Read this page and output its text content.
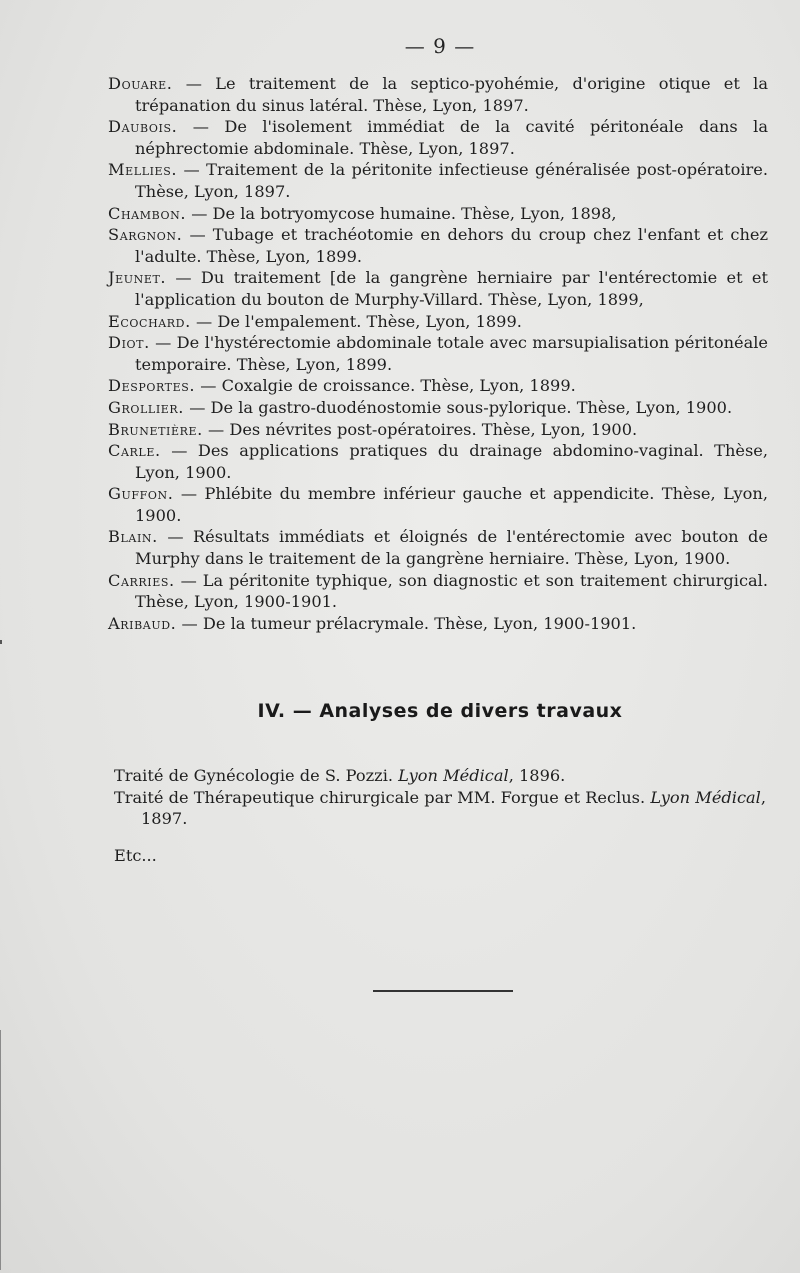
— 9 —
Douare. — Le traitement de la septico-pyohémie, d'origine otique et la trépanation du sinus latéral. Thèse, Lyon, 1897.
Daubois. — De l'isolement immédiat de la cavité péritonéale dans la néphrectomie abdominale. Thèse, Lyon, 1897.
Mellies. — Traitement de la péritonite infectieuse généralisée post-opératoire. Thèse, Lyon, 1897.
Chambon. — De la botryomycose humaine. Thèse, Lyon, 1898,
Sargnon. — Tubage et trachéotomie en dehors du croup chez l'enfant et chez l'adulte. Thèse, Lyon, 1899.
Jeunet. — Du traitement [de la gangrène herniaire par l'entérectomie et et l'application du bouton de Murphy-Villard. Thèse, Lyon, 1899,
Ecochard. — De l'empalement. Thèse, Lyon, 1899.
Diot. — De l'hystérectomie abdominale totale avec marsupialisation péritonéale temporaire. Thèse, Lyon, 1899.
Desportes. — Coxalgie de croissance. Thèse, Lyon, 1899.
Grollier. — De la gastro-duodénostomie sous-pylorique. Thèse, Lyon, 1900.
Brunetière. — Des névrites post-opératoires. Thèse, Lyon, 1900.
Carle. — Des applications pratiques du drainage abdomino-vaginal. Thèse, Lyon, 1900.
Guffon. — Phlébite du membre inférieur gauche et appendicite. Thèse, Lyon, 1900.
Blain. — Résultats immédiats et éloignés de l'entérectomie avec bouton de Murphy dans le traitement de la gangrène herniaire. Thèse, Lyon, 1900.
Carries. — La péritonite typhique, son diagnostic et son traitement chirurgical. Thèse, Lyon, 1900-1901.
Aribaud. — De la tumeur prélacrymale. Thèse, Lyon, 1900-1901.
IV. — Analyses de divers travaux
Traité de Gynécologie de S. Pozzi. Lyon Médical, 1896.
Traité de Thérapeutique chirurgicale par MM. Forgue et Reclus. Lyon Médical, 1897.
Etc...
